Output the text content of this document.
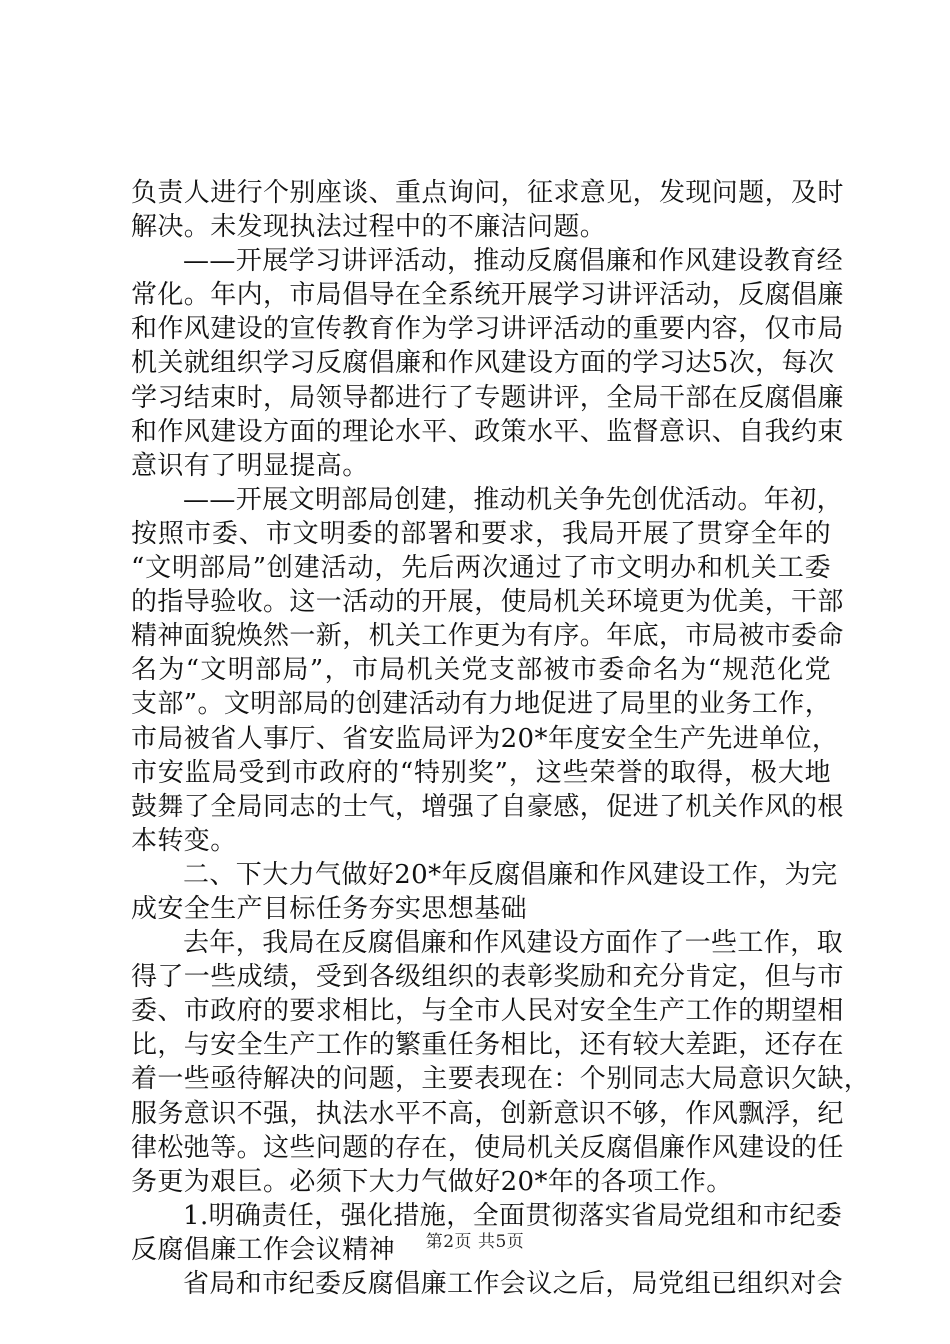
负责人进行个别座谈、重点询问，征求意见，发现问题，及时
解决。未发现执法过程中的不廉洁问题。
——开展学习讲评活动，推动反腐倡廉和作风建设教育经
常化。年内，市局倡导在全系统开展学习讲评活动，反腐倡廉
和作风建设的宣传教育作为学习讲评活动的重要内容，仅市局
机关就组织学习反腐倡廉和作风建设方面的学习达5次，每次
学习结束时，局领导都进行了专题讲评，全局干部在反腐倡廉
和作风建设方面的理论水平、政策水平、监督意识、自我约束
意识有了明显提高。
——开展文明部局创建，推动机关争先创优活动。年初，
按照市委、市文明委的部署和要求，我局开展了贯穿全年的
“文明部局”创建活动，先后两次通过了市文明办和机关工委
的指导验收。这一活动的开展，使局机关环境更为优美，干部
精神面貌焕然一新，机关工作更为有序。年底，市局被市委命
名为“文明部局”，市局机关党支部被市委命名为“规范化党
支部”。文明部局的创建活动有力地促进了局里的业务工作，
市局被省人事厅、省安监局评为20*年度安全生产先进单位，
市安监局受到市政府的“特别奖”，这些荣誉的取得，极大地
鼓舞了全局同志的士气，增强了自豪感，促进了机关作风的根
本转变。
二、下大力气做好20*年反腐倡廉和作风建设工作，为完
成安全生产目标任务夯实思想基础
去年，我局在反腐倡廉和作风建设方面作了一些工作，取
得了一些成绩，受到各级组织的表彰奖励和充分肯定，但与市
委、市政府的要求相比，与全市人民对安全生产工作的期望相
比，与安全生产工作的繁重任务相比，还有较大差距，还存在
着一些亟待解决的问题，主要表现在：个别同志大局意识欠缺，
服务意识不强，执法水平不高，创新意识不够，作风飘浮，纪
律松弛等。这些问题的存在，使局机关反腐倡廉作风建设的任
务更为艰巨。必须下大力气做好20*年的各项工作。
1.明确责任，强化措施，全面贯彻落实省局党组和市纪委
反腐倡廉工作会议精神
省局和市纪委反腐倡廉工作会议之后，局党组已组织对会
第2页 共5页
